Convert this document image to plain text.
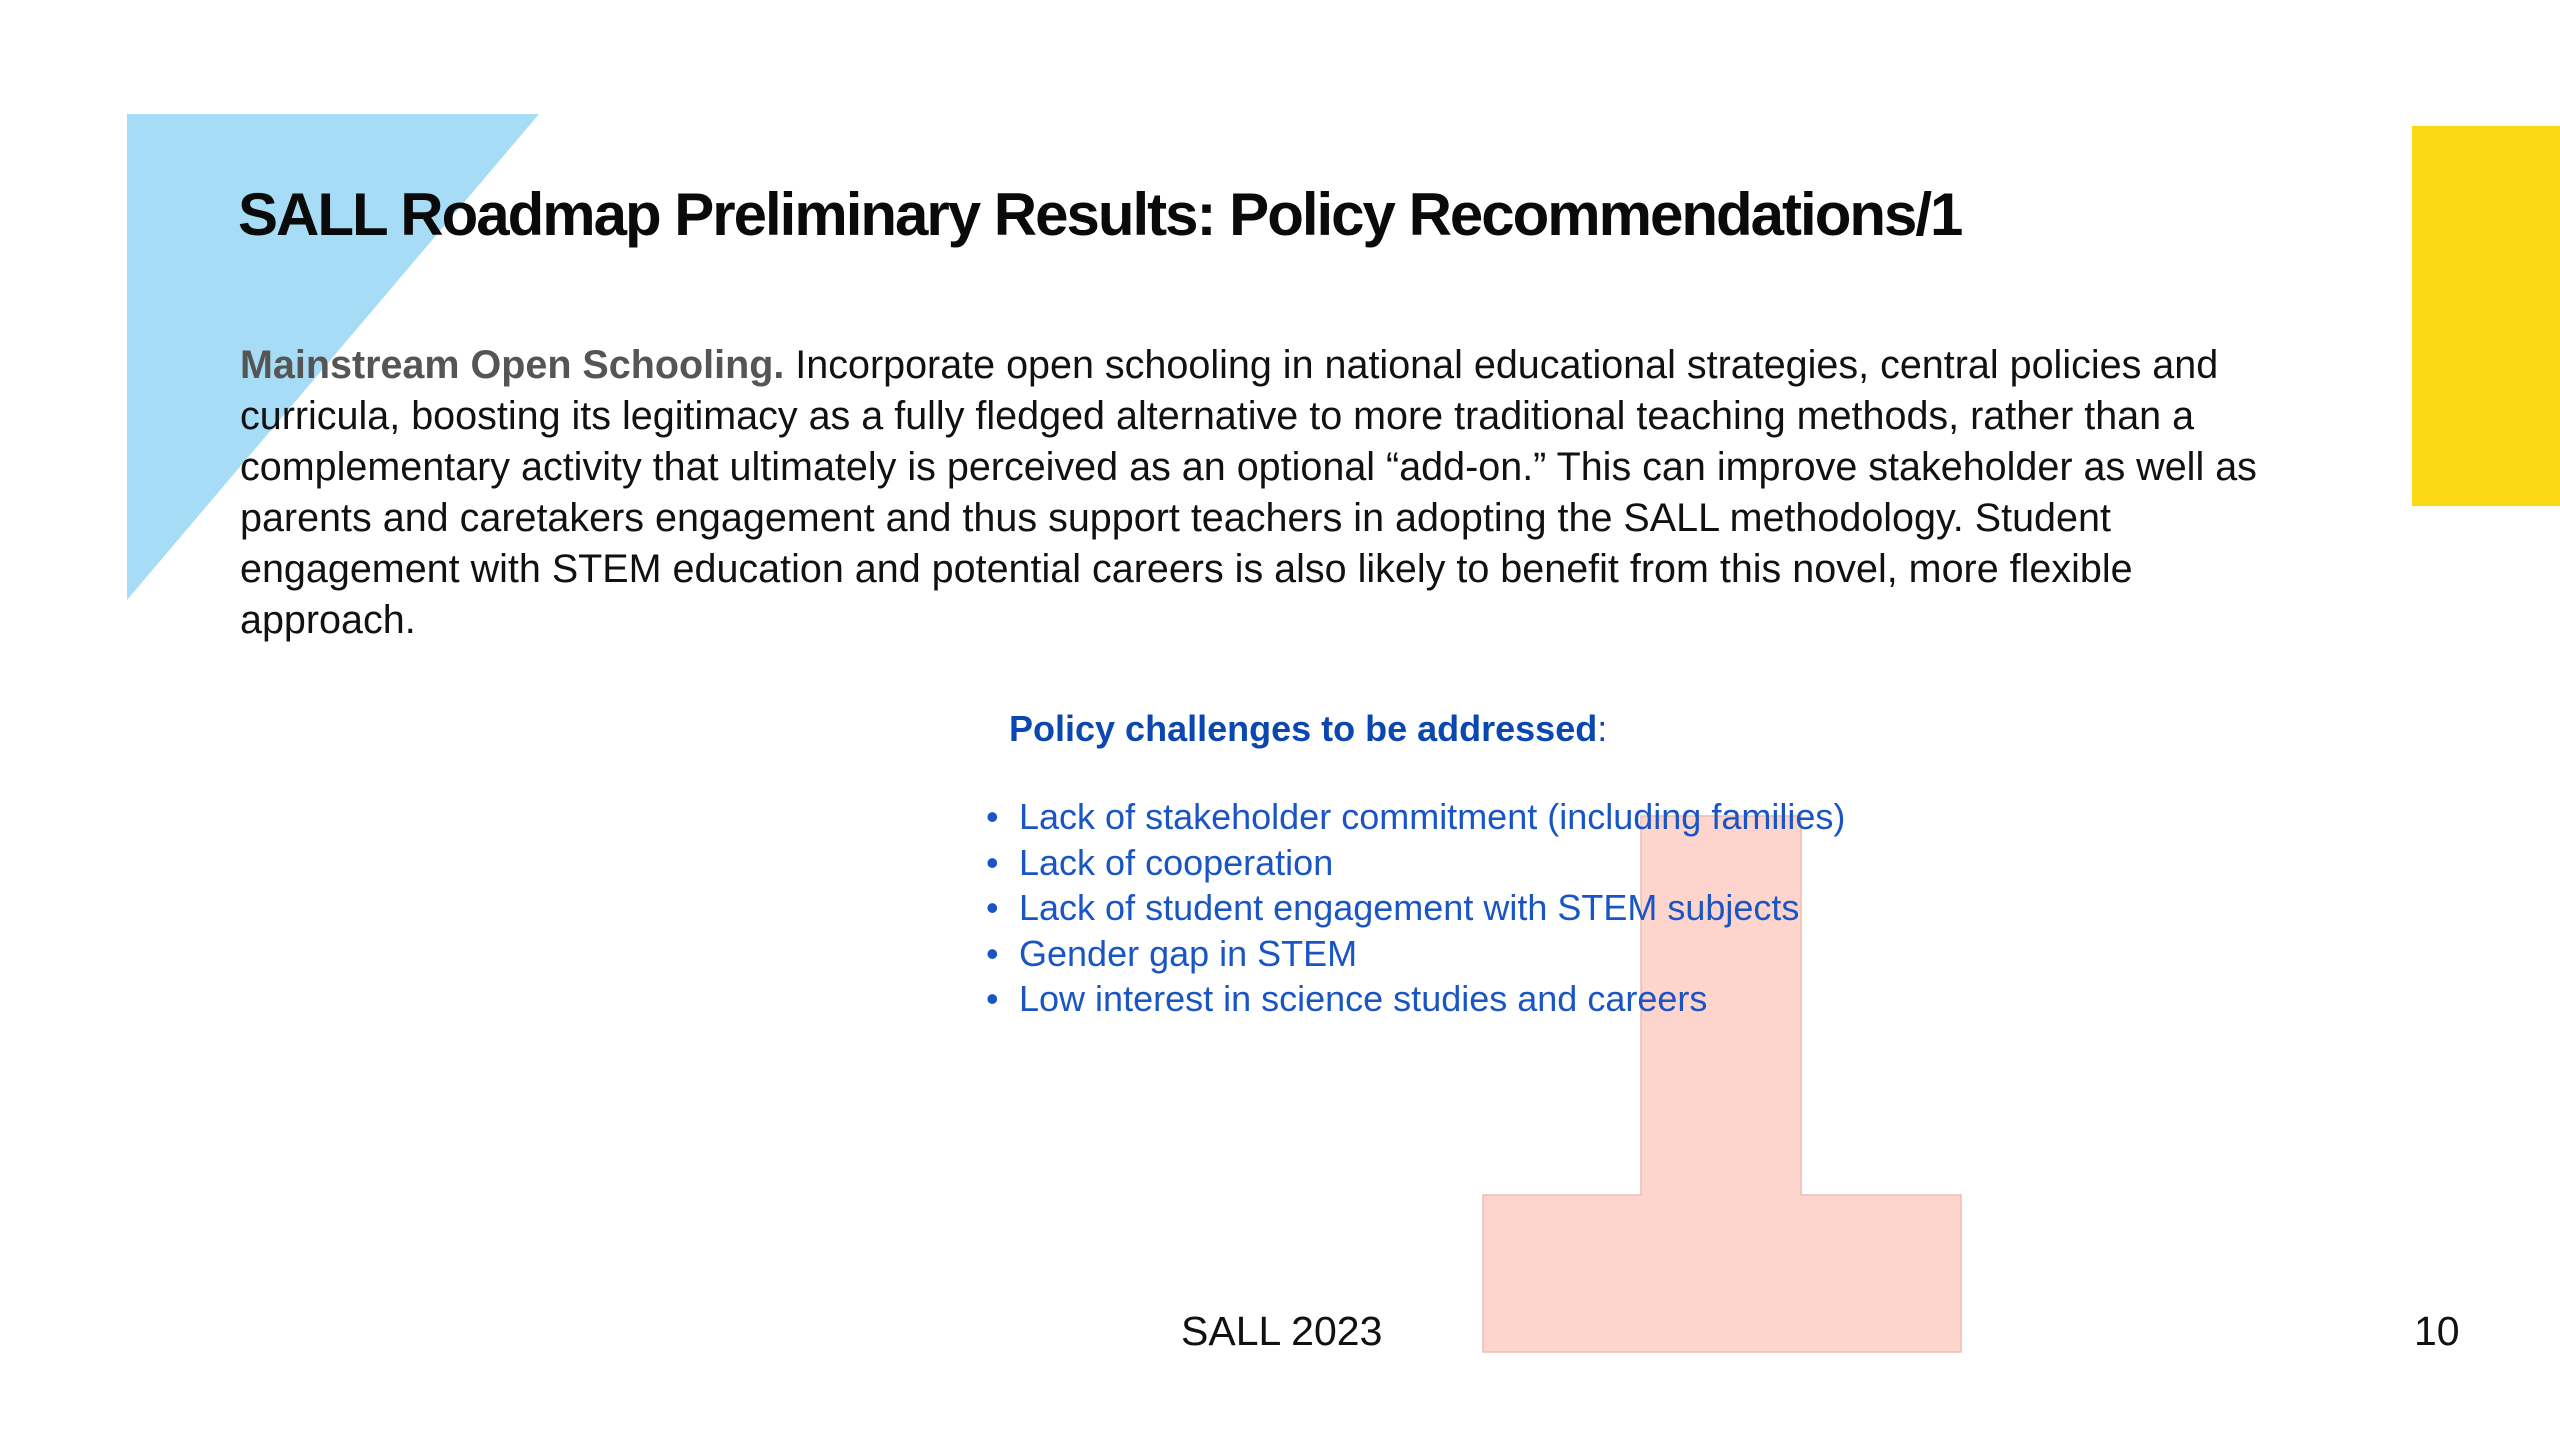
SALL Roadmap Preliminary Results: Policy Recommendations/1
Mainstream Open Schooling. Incorporate open schooling in national educational strategies, central policies and curricula, boosting its legitimacy as a fully fledged alternative to more traditional teaching methods, rather than a complementary activity that ultimately is perceived as an optional “add-on.” This can improve stakeholder as well as parents and caretakers engagement and thus support teachers in adopting the SALL methodology. Student engagement with STEM education and potential careers is also likely to benefit from this novel, more flexible approach.
Policy challenges to be addressed:
• Lack of stakeholder commitment (including families)
• Lack of cooperation
• Lack of student engagement with STEM subjects
• Gender gap in STEM
• Low interest in science studies and careers
SALL 2023	10
